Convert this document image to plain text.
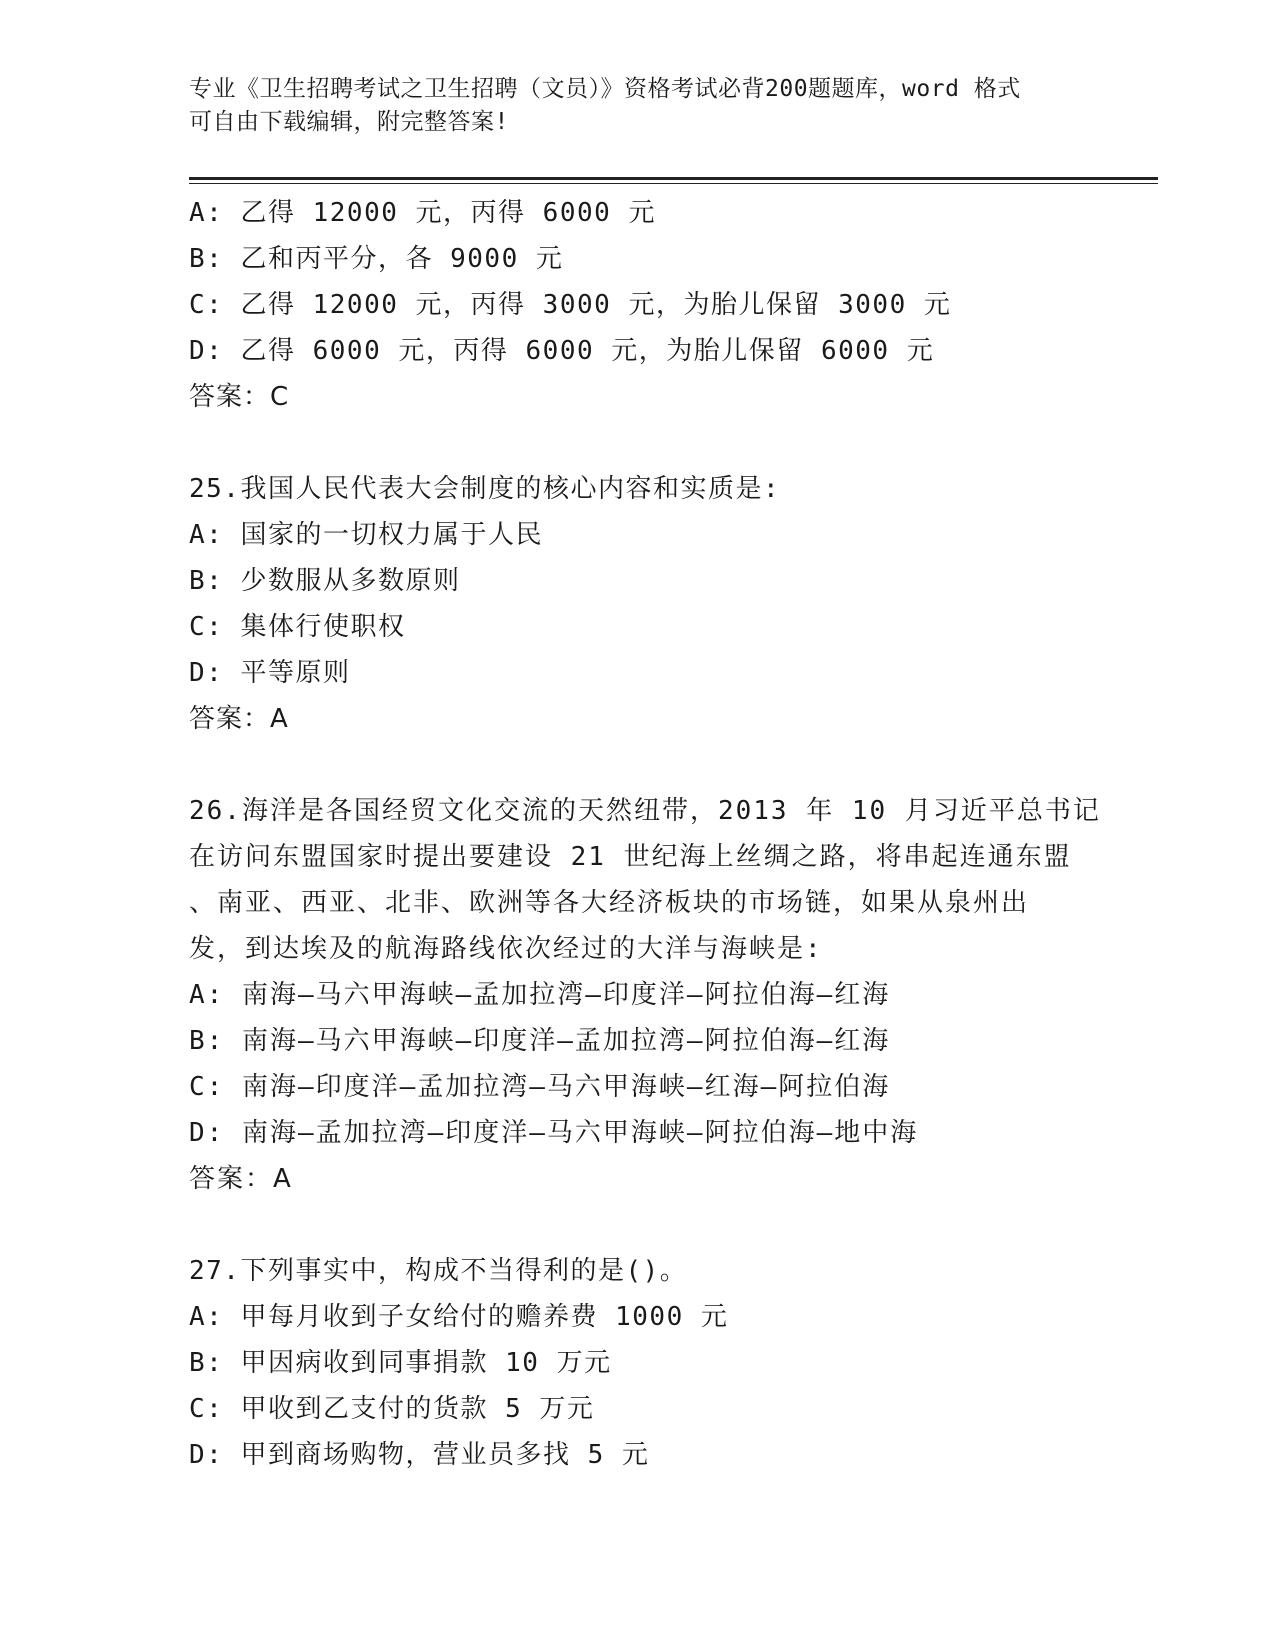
专业《卫生招聘考试之卫生招聘（文员）》资格考试必背200题题库，word 格式
可自由下载编辑，附完整答案!
A: 乙得 12000 元，丙得 6000 元
B: 乙和丙平分，各 9000 元
C: 乙得 12000 元，丙得 3000 元，为胎儿保留 3000 元
D: 乙得 6000 元，丙得 6000 元，为胎儿保留 6000 元
答案：C
25.我国人民代表大会制度的核心内容和实质是:
A: 国家的一切权力属于人民
B: 少数服从多数原则
C: 集体行使职权
D: 平等原则
答案：A
26.海洋是各国经贸文化交流的天然纽带，2013 年 10 月习近平总书记
在访问东盟国家时提出要建设 21 世纪海上丝绸之路，将串起连通东盟
、南亚、西亚、北非、欧洲等各大经济板块的市场链，如果从泉州出
发，到达埃及的航海路线依次经过的大洋与海峡是:
A: 南海—马六甲海峡—孟加拉湾—印度洋—阿拉伯海—红海
B: 南海—马六甲海峡—印度洋—孟加拉湾—阿拉伯海—红海
C: 南海—印度洋—孟加拉湾—马六甲海峡—红海—阿拉伯海
D: 南海—孟加拉湾—印度洋—马六甲海峡—阿拉伯海—地中海
答案：A
27.下列事实中，构成不当得利的是()。
A: 甲每月收到子女给付的赡养费 1000 元
B: 甲因病收到同事捐款 10 万元
C: 甲收到乙支付的货款 5 万元
D: 甲到商场购物，营业员多找 5 元
